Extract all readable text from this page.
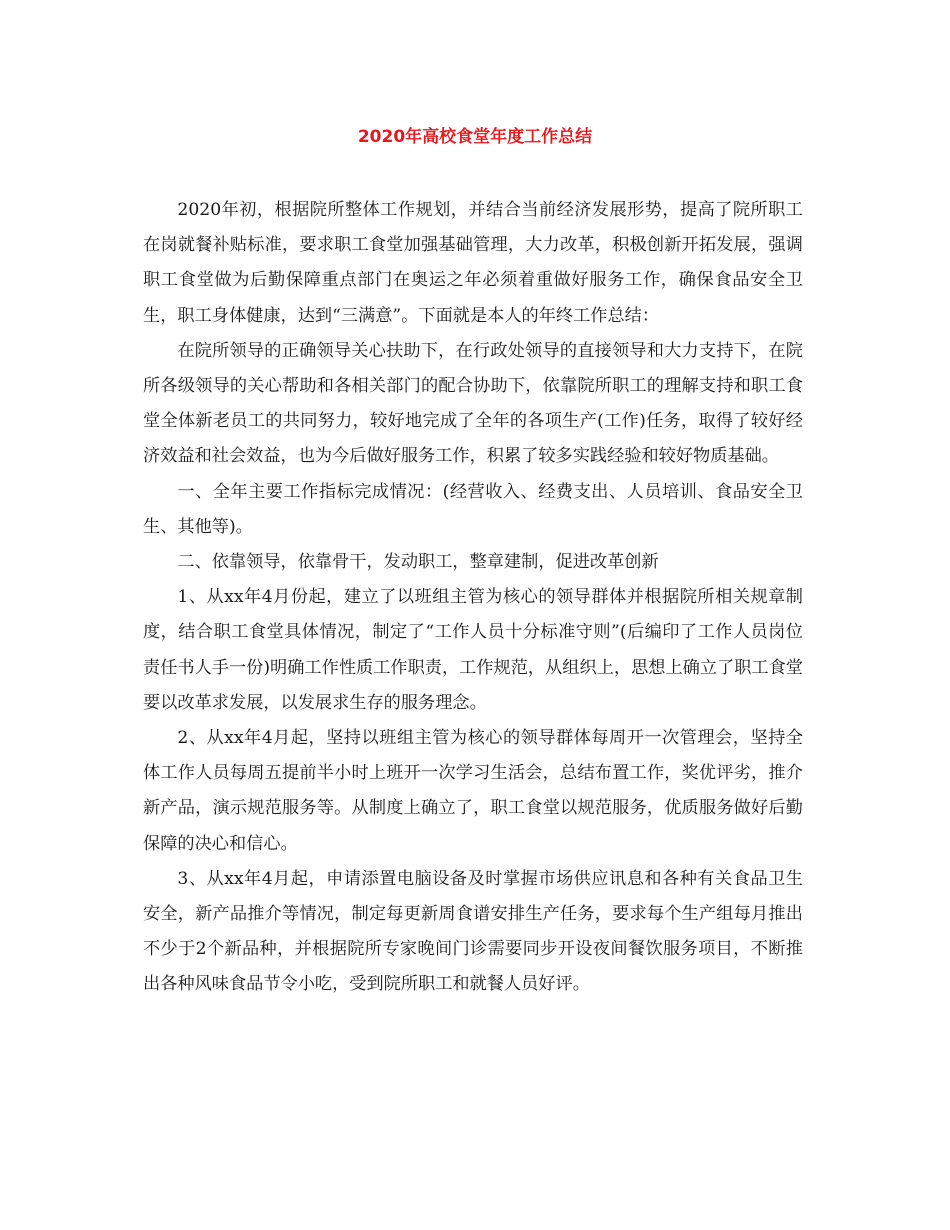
2020年高校食堂年度工作总结

2020年初，根据院所整体工作规划，并结合当前经济发展形势，提高了院所职工在岗就餐补贴标准，要求职工食堂加强基础管理，大力改革，积极创新开拓发展，强调职工食堂做为后勤保障重点部门在奥运之年必须着重做好服务工作，确保食品安全卫生，职工身体健康，达到“三满意”。下面就是本人的年终工作总结：

在院所领导的正确领导关心扶助下，在行政处领导的直接领导和大力支持下，在院所各级领导的关心帮助和各相关部门的配合协助下，依靠院所职工的理解支持和职工食堂全体新老员工的共同努力，较好地完成了全年的各项生产(工作)任务，取得了较好经济效益和社会效益，也为今后做好服务工作，积累了较多实践经验和较好物质基础。

一、全年主要工作指标完成情况：(经营收入、经费支出、人员培训、食品安全卫生、其他等)。

二、依靠领导，依靠骨干，发动职工，整章建制，促进改革创新

1、从xx年4月份起，建立了以班组主管为核心的领导群体并根据院所相关规章制度，结合职工食堂具体情况，制定了“工作人员十分标准守则”(后编印了工作人员岗位责任书人手一份)明确工作性质工作职责，工作规范，从组织上，思想上确立了职工食堂要以改革求发展，以发展求生存的服务理念。

2、从xx年4月起，坚持以班组主管为核心的领导群体每周开一次管理会，坚持全体工作人员每周五提前半小时上班开一次学习生活会，总结布置工作，奖优评劣，推介新产品，演示规范服务等。从制度上确立了，职工食堂以规范服务，优质服务做好后勤保障的决心和信心。

3、从xx年4月起，申请添置电脑设备及时掌握市场供应讯息和各种有关食品卫生安全，新产品推介等情况，制定每更新周食谱安排生产任务，要求每个生产组每月推出不少于2个新品种，并根据院所专家晚间门诊需要同步开设夜间餐饮服务项目，不断推出各种风味食品节令小吃，受到院所职工和就餐人员好评。
